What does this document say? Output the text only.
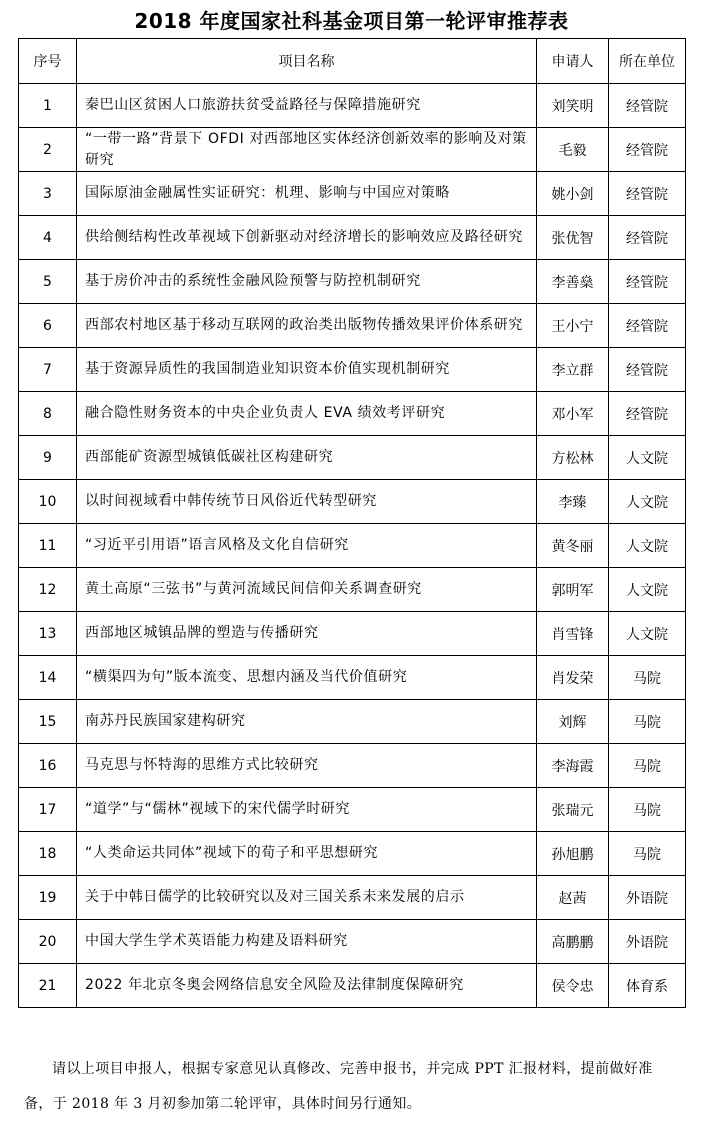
2018 年度国家社科基金项目第一轮评审推荐表
序号	项目名称	申请人	所在单位
1	秦巴山区贫困人口旅游扶贫受益路径与保障措施研究	刘笑明	经管院
2	“一带一路”背景下 OFDI 对西部地区实体经济创新效率的影响及对策研究	毛毅	经管院
3	国际原油金融属性实证研究：机理、影响与中国应对策略	姚小剑	经管院
4	供给侧结构性改革视域下创新驱动对经济增长的影响效应及路径研究	张优智	经管院
5	基于房价冲击的系统性金融风险预警与防控机制研究	李善燊	经管院
6	西部农村地区基于移动互联网的政治类出版物传播效果评价体系研究	王小宁	经管院
7	基于资源异质性的我国制造业知识资本价值实现机制研究	李立群	经管院
8	融合隐性财务资本的中央企业负责人 EVA 绩效考评研究	邓小军	经管院
9	西部能矿资源型城镇低碳社区构建研究	方松林	人文院
10	以时间视域看中韩传统节日风俗近代转型研究	李臻	人文院
11	“习近平引用语”语言风格及文化自信研究	黄冬丽	人文院
12	黄土高原“三弦书”与黄河流域民间信仰关系调查研究	郭明军	人文院
13	西部地区城镇品牌的塑造与传播研究	肖雪锋	人文院
14	“横渠四为句”版本流变、思想内涵及当代价值研究	肖发荣	马院
15	南苏丹民族国家建构研究	刘辉	马院
16	马克思与怀特海的思维方式比较研究	李海霞	马院
17	“道学”与“儒林”视域下的宋代儒学时研究	张瑞元	马院
18	“人类命运共同体”视域下的荀子和平思想研究	孙旭鹏	马院
19	关于中韩日儒学的比较研究以及对三国关系未来发展的启示	赵茜	外语院
20	中国大学生学术英语能力构建及语料研究	高鹏鹏	外语院
21	2022 年北京冬奥会网络信息安全风险及法律制度保障研究	侯令忠	体育系
请以上项目申报人，根据专家意见认真修改、完善申报书，并完成 PPT 汇报材料，提前做好准备，于 2018 年 3 月初参加第二轮评审，具体时间另行通知。
